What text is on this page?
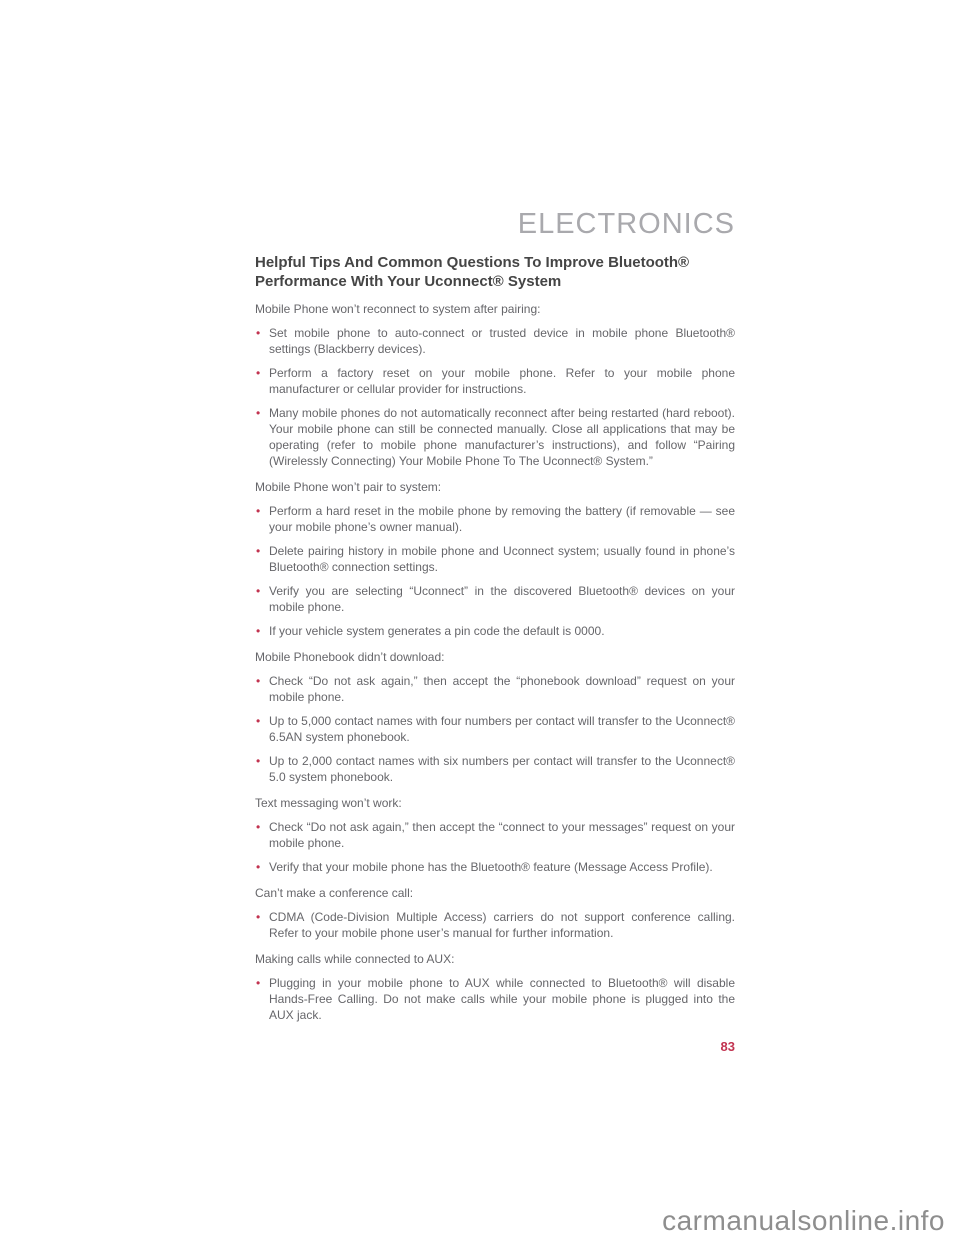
ELECTRONICS
Helpful Tips And Common Questions To Improve Bluetooth® Performance With Your Uconnect® System

Mobile Phone won’t reconnect to system after pairing:

• Set mobile phone to auto-connect or trusted device in mobile phone Bluetooth® settings (Blackberry devices).
• Perform a factory reset on your mobile phone. Refer to your mobile phone manufacturer or cellular provider for instructions.
• Many mobile phones do not automatically reconnect after being restarted (hard reboot). Your mobile phone can still be connected manually. Close all applications that may be operating (refer to mobile phone manufacturer’s instructions), and follow “Pairing (Wirelessly Connecting) Your Mobile Phone To The Uconnect® System.”

Mobile Phone won’t pair to system:

• Perform a hard reset in the mobile phone by removing the battery (if removable — see your mobile phone’s owner manual).
• Delete pairing history in mobile phone and Uconnect system; usually found in phone’s Bluetooth® connection settings.
• Verify you are selecting “Uconnect” in the discovered Bluetooth® devices on your mobile phone.
• If your vehicle system generates a pin code the default is 0000.

Mobile Phonebook didn’t download:

• Check “Do not ask again,” then accept the “phonebook download” request on your mobile phone.
• Up to 5,000 contact names with four numbers per contact will transfer to the Uconnect® 6.5AN system phonebook.
• Up to 2,000 contact names with six numbers per contact will transfer to the Uconnect® 5.0 system phonebook.

Text messaging won’t work:

• Check “Do not ask again,” then accept the “connect to your messages” request on your mobile phone.
• Verify that your mobile phone has the Bluetooth® feature (Message Access Profile).

Can’t make a conference call:

• CDMA (Code-Division Multiple Access) carriers do not support conference calling. Refer to your mobile phone user’s manual for further information.

Making calls while connected to AUX:

• Plugging in your mobile phone to AUX while connected to Bluetooth® will disable Hands-Free Calling. Do not make calls while your mobile phone is plugged into the AUX jack.
83
carmanualsonline.info
